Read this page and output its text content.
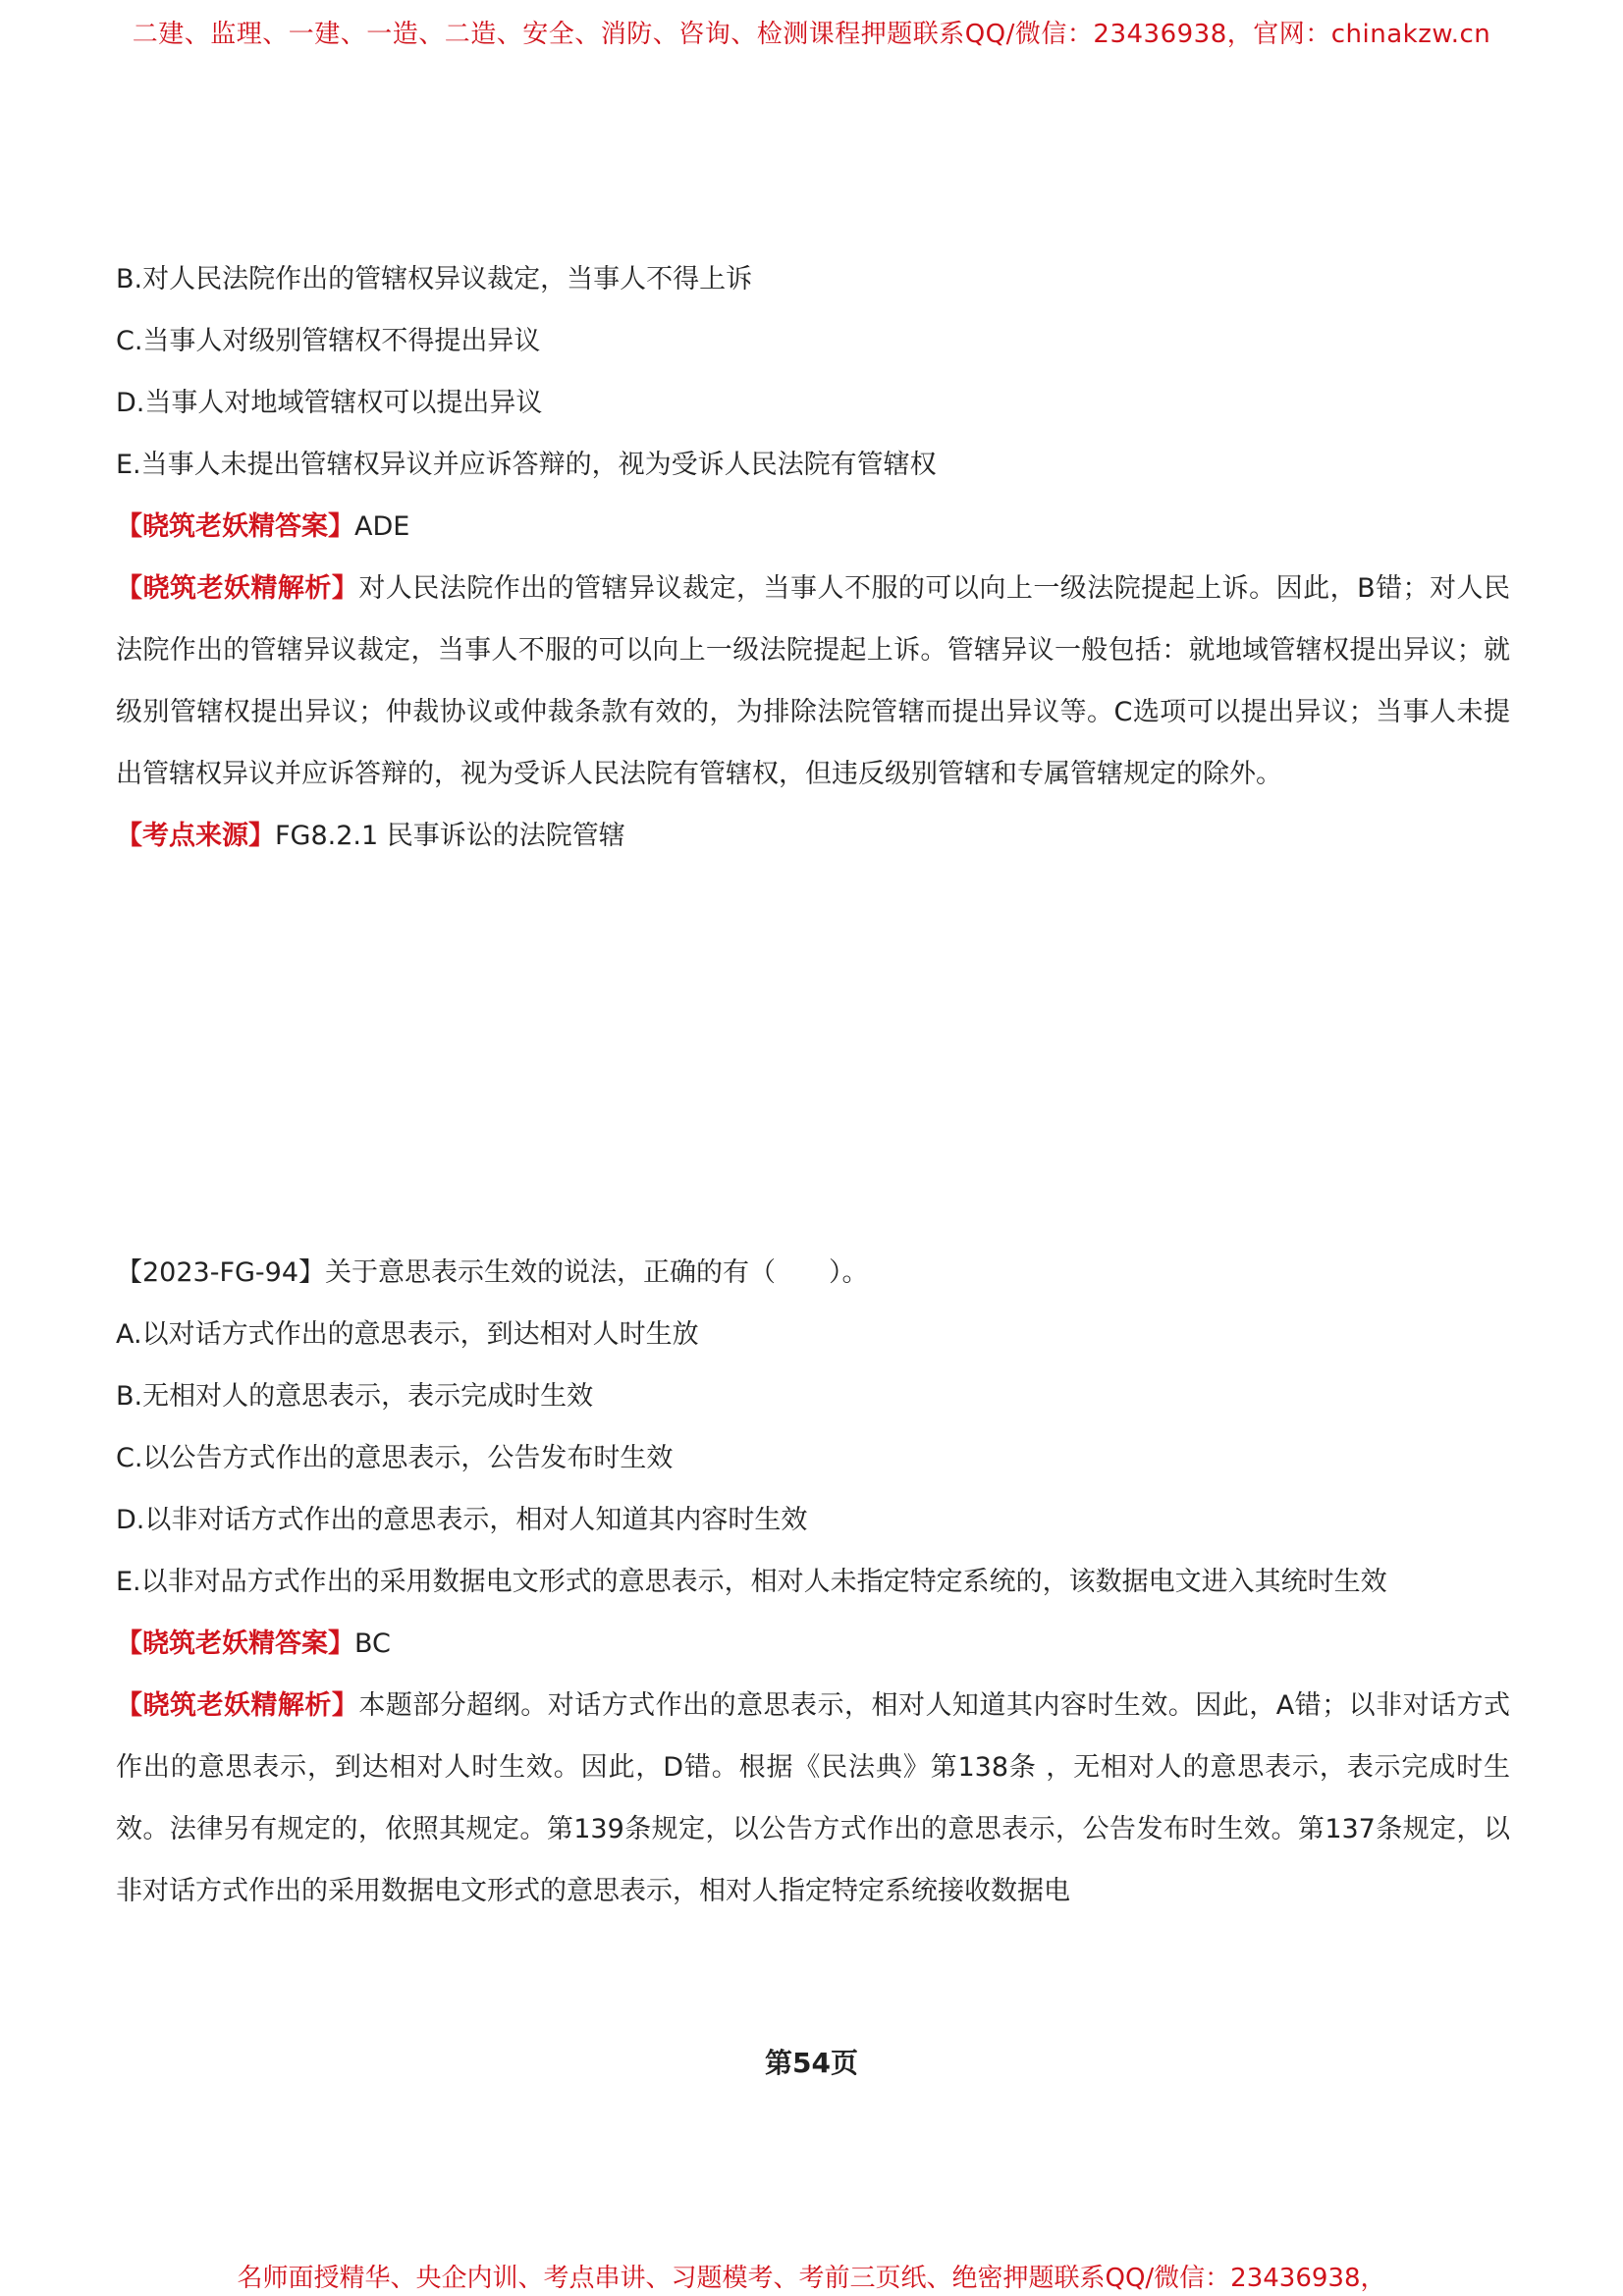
二建、监理、一建、一造、二造、安全、消防、咨询、检测课程押题联系QQ/微信：23436938，官网：chinakzw.cn

B.对人民法院作出的管辖权异议裁定，当事人不得上诉

C.当事人对级别管辖权不得提出异议

D.当事人对地域管辖权可以提出异议

E.当事人未提出管辖权异议并应诉答辩的，视为受诉人民法院有管辖权

【晓筑老妖精答案】ADE

【晓筑老妖精解析】对人民法院作出的管辖异议裁定，当事人不服的可以向上一级法院提起上诉。因此，B错；对人民法院作出的管辖异议裁定，当事人不服的可以向上一级法院提起上诉。管辖异议一般包括：就地域管辖权提出异议；就级别管辖权提出异议；仲裁协议或仲裁条款有效的，为排除法院管辖而提出异议等。C选项可以提出异议；当事人未提出管辖权异议并应诉答辩的，视为受诉人民法院有管辖权，但违反级别管辖和专属管辖规定的除外。

【考点来源】FG8.2.1 民事诉讼的法院管辖

【2023-FG-94】关于意思表示生效的说法，正确的有（　　）。

A.以对话方式作出的意思表示，到达相对人时生放

B.无相对人的意思表示，表示完成时生效

C.以公告方式作出的意思表示，公告发布时生效

D.以非对话方式作出的意思表示，相对人知道其内容时生效

E.以非对品方式作出的采用数据电文形式的意思表示，相对人未指定特定系统的，该数据电文进入其统时生效

【晓筑老妖精答案】BC

【晓筑老妖精解析】本题部分超纲。对话方式作出的意思表示，相对人知道其内容时生效。因此，A错；以非对话方式作出的意思表示，到达相对人时生效。因此，D错。根据《民法典》第138条 ，无相对人的意思表示，表示完成时生效。法律另有规定的，依照其规定。第139条规定，以公告方式作出的意思表示，公告发布时生效。第137条规定，以非对话方式作出的采用数据电文形式的意思表示，相对人指定特定系统接收数据电

第54页
名师面授精华、央企内训、考点串讲、习题模考、考前三页纸、绝密押题联系QQ/微信：23436938，
